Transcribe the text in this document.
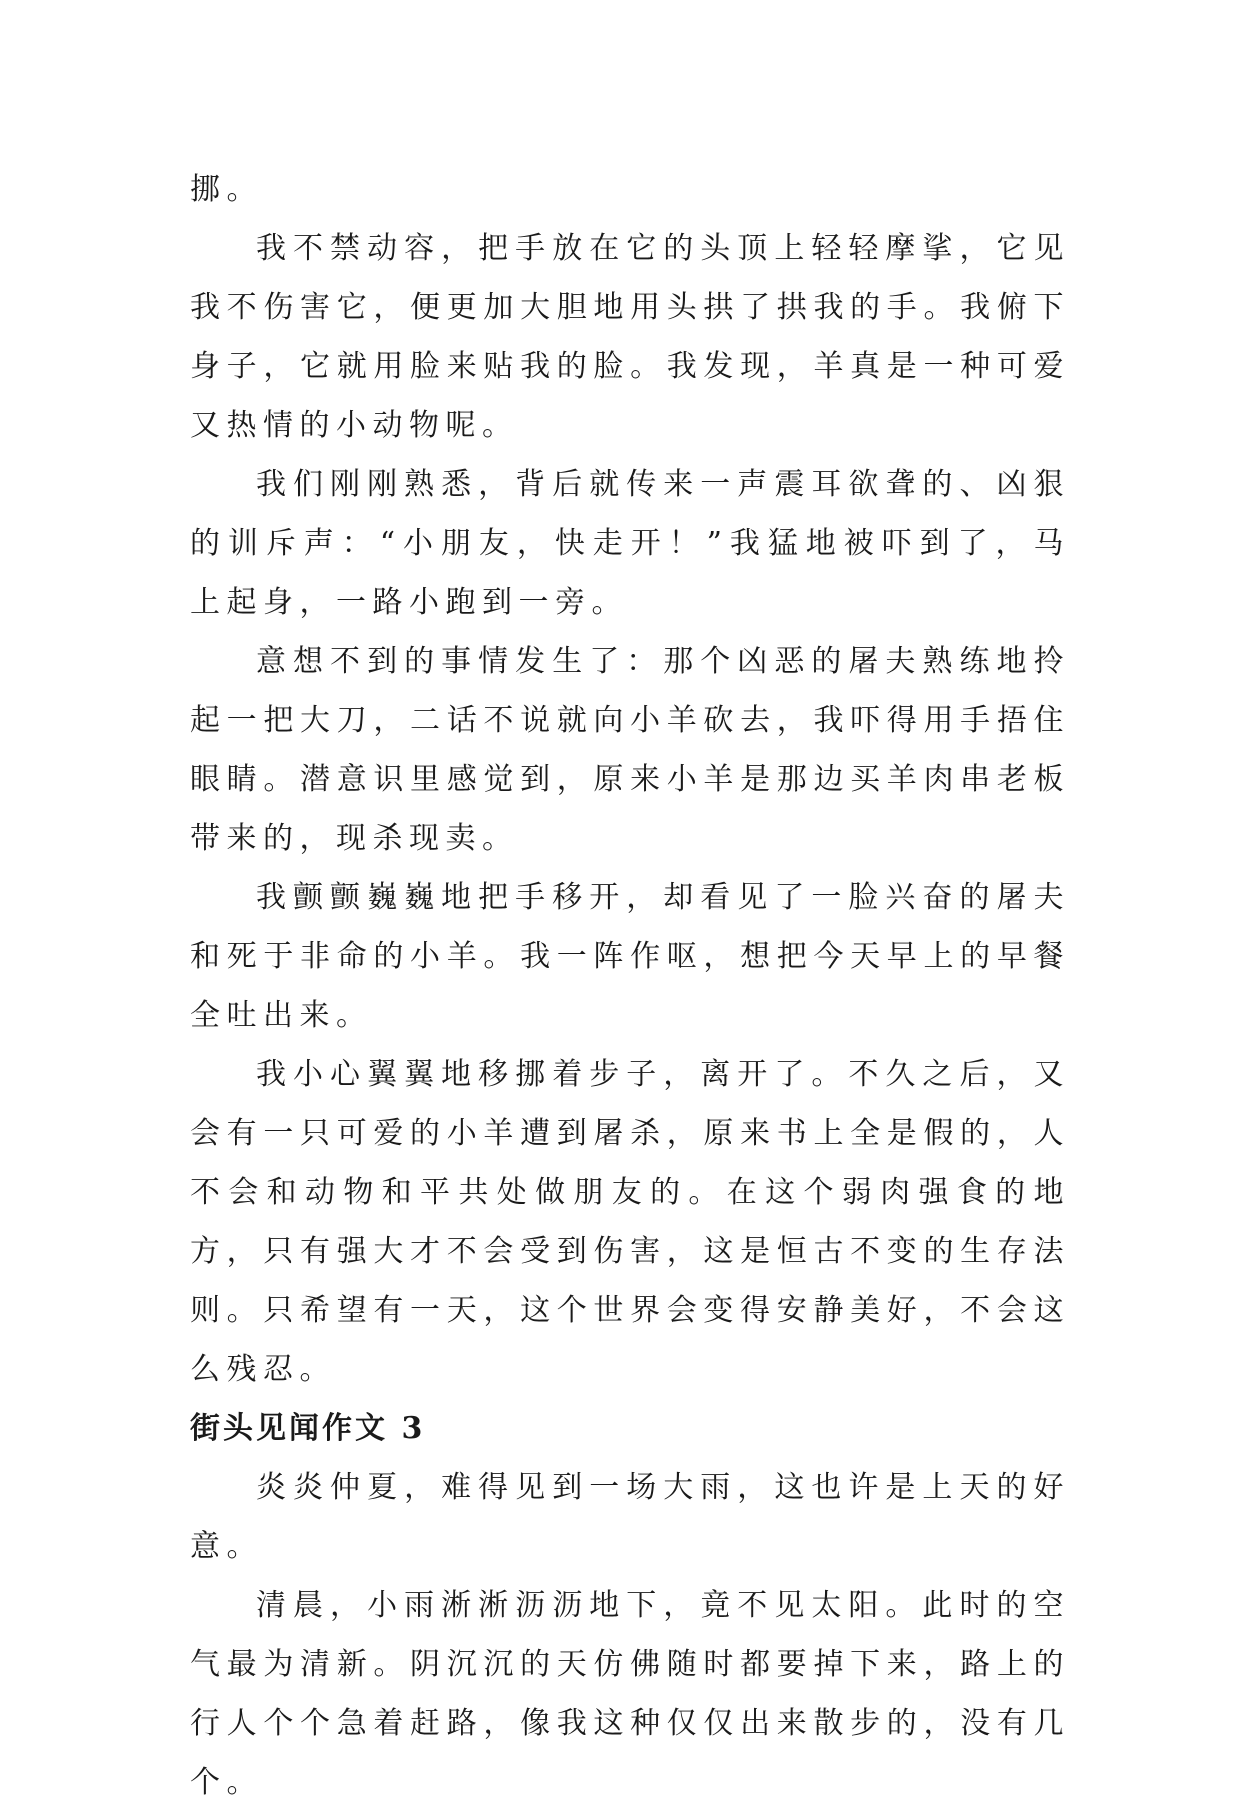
挪。

我不禁动容，把手放在它的头顶上轻轻摩挲，它见我不伤害它，便更加大胆地用头拱了拱我的手。我俯下身子，它就用脸来贴我的脸。我发现，羊真是一种可爱又热情的小动物呢。

我们刚刚熟悉，背后就传来一声震耳欲聋的、凶狠的训斥声：“小朋友，快走开！”我猛地被吓到了，马上起身，一路小跑到一旁。

意想不到的事情发生了：那个凶恶的屠夫熟练地拎起一把大刀，二话不说就向小羊砍去，我吓得用手捂住眼睛。潜意识里感觉到，原来小羊是那边买羊肉串老板带来的，现杀现卖。

我颤颤巍巍地把手移开，却看见了一脸兴奋的屠夫和死于非命的小羊。我一阵作呕，想把今天早上的早餐全吐出来。

我小心翼翼地移挪着步子，离开了。不久之后，又会有一只可爱的小羊遭到屠杀，原来书上全是假的，人不会和动物和平共处做朋友的。在这个弱肉强食的地方，只有强大才不会受到伤害，这是恒古不变的生存法则。只希望有一天，这个世界会变得安静美好，不会这么残忍。

街头见闻作文 3

炎炎仲夏，难得见到一场大雨，这也许是上天的好意。

清晨，小雨淅淅沥沥地下，竟不见太阳。此时的空气最为清新。阴沉沉的天仿佛随时都要掉下来，路上的行人个个急着赶路，像我这种仅仅出来散步的，没有几个。
